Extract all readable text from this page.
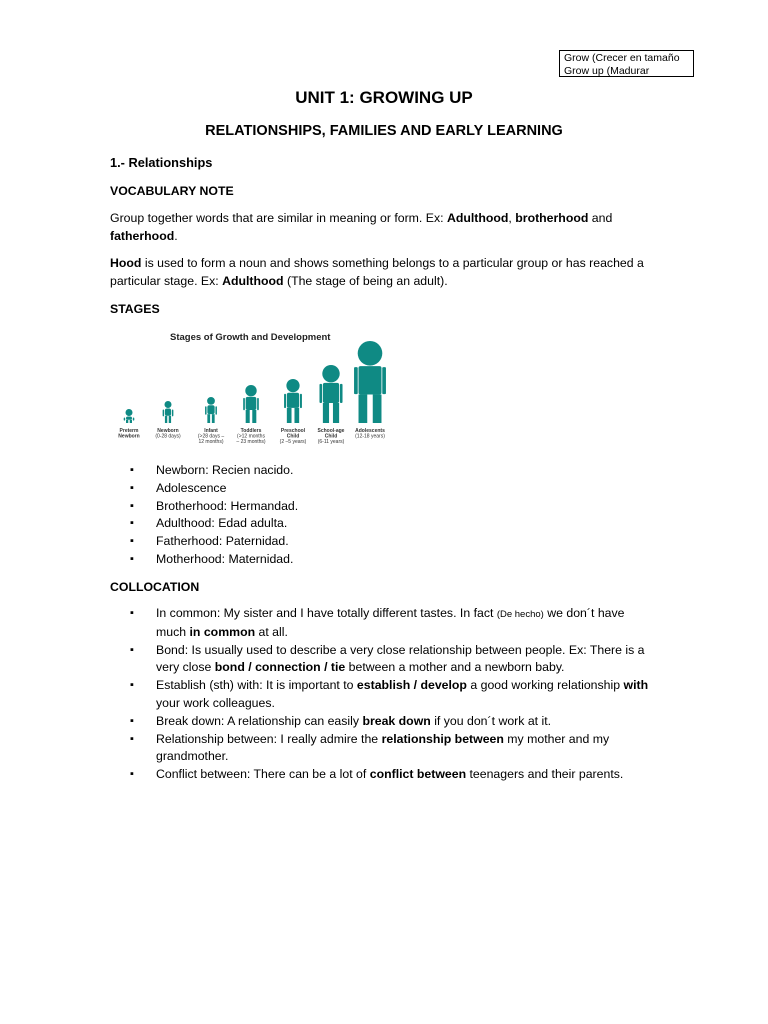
Grow (Crecer en tamaño
Grow up (Madurar
UNIT 1: GROWING UP
RELATIONSHIPS, FAMILIES AND EARLY LEARNING
1.- Relationships
VOCABULARY NOTE
Group together words that are similar in meaning or form. Ex: Adulthood, brotherhood and fatherhood.
Hood is used to form a noun and shows something belongs to a particular group or has reached a particular stage. Ex: Adulthood (The stage of being an adult).
STAGES
Stages of Growth and Development
Preterm
Newborn
Newborn
(0-28 days)
Infant
(>28 days –
12 months)
Toddlers
(>12 months
– 23 months)
Preschool
Child
(2 –5 years)
School-age
Child
(6-11 years)
Adolescents
(12-18 years)
▪ Newborn: Recien nacido.
▪ Adolescence
▪ Brotherhood: Hermandad.
▪ Adulthood: Edad adulta.
▪ Fatherhood: Paternidad.
▪ Motherhood: Maternidad.
COLLOCATION
▪ In common: My sister and I have totally different tastes. In fact (De hecho) we don´t have much in common at all.
▪ Bond: Is usually used to describe a very close relationship between people. Ex: There is a very close bond / connection / tie between a mother and a newborn baby.
▪ Establish (sth) with: It is important to establish / develop a good working relationship with your work colleagues.
▪ Break down: A relationship can easily break down if you don´t work at it.
▪ Relationship between: I really admire the relationship between my mother and my grandmother.
▪ Conflict between: There can be a lot of conflict between teenagers and their parents.
